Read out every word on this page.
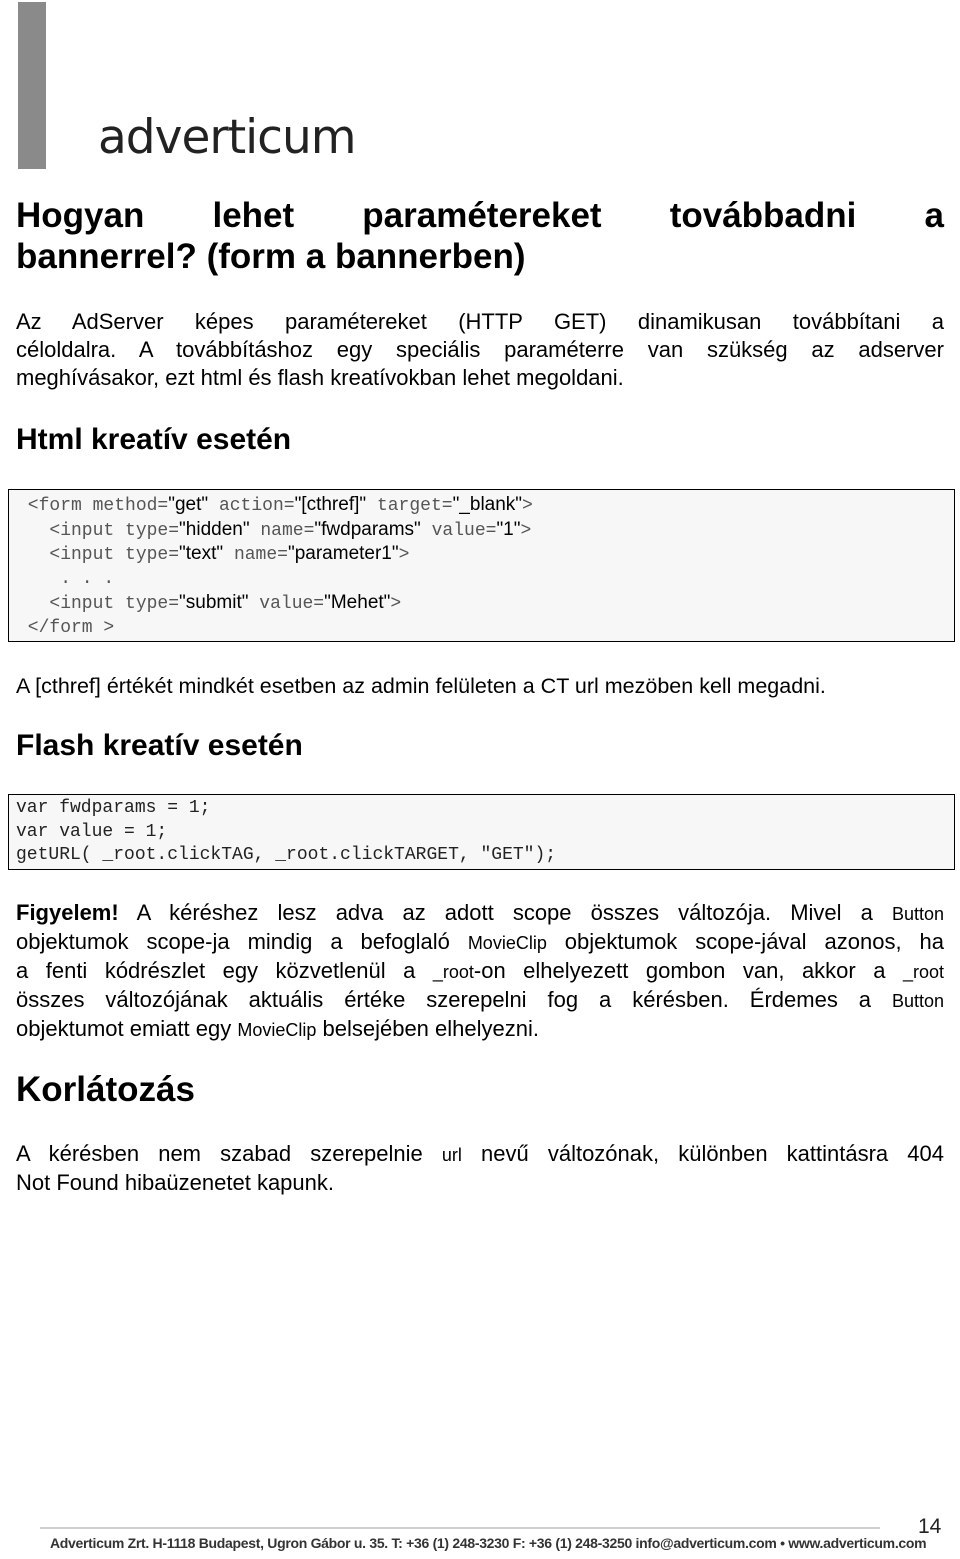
adverticum
Hogyan lehet paramétereket továbbadni a
bannerrel? (form a bannerben)
Az AdServer képes paramétereket (HTTP GET) dinamikusan továbbítani a
céloldalra. A továbbításhoz egy speciális paraméterre van szükség az adserver
meghívásakor, ezt html és flash kreatívokban lehet megoldani.
Html kreatív esetén
<form method="get" action="[cthref]" target="_blank">
<input type="hidden" name="fwdparams" value="1">
<input type="text" name="parameter1">
. . .
<input type="submit" value="Mehet">
</form >
A [cthref] értékét mindkét esetben az admin felületen a CT url mezöben kell megadni.
Flash kreatív esetén
var fwdparams = 1;
var value = 1;
getURL( _root.clickTAG, _root.clickTARGET, "GET");
Figyelem! A kéréshez lesz adva az adott scope összes változója. Mivel a Button
objektumok scope-ja mindig a befoglaló MovieClip objektumok scope-jával azonos, ha
a fenti kódrészlet egy közvetlenül a _root-on elhelyezett gombon van, akkor a _root
összes változójának aktuális értéke szerepelni fog a kérésben. Érdemes a Button
objektumot emiatt egy MovieClip belsejében elhelyezni.
Korlátozás
A kérésben nem szabad szerepelnie url nevű változónak, különben kattintásra 404
Not Found hibaüzenetet kapunk.
Adverticum Zrt. H-1118 Budapest, Ugron Gábor u. 35. T: +36 (1) 248-3230 F: +36 (1) 248-3250 info@adverticum.com • www.adverticum.com
14
